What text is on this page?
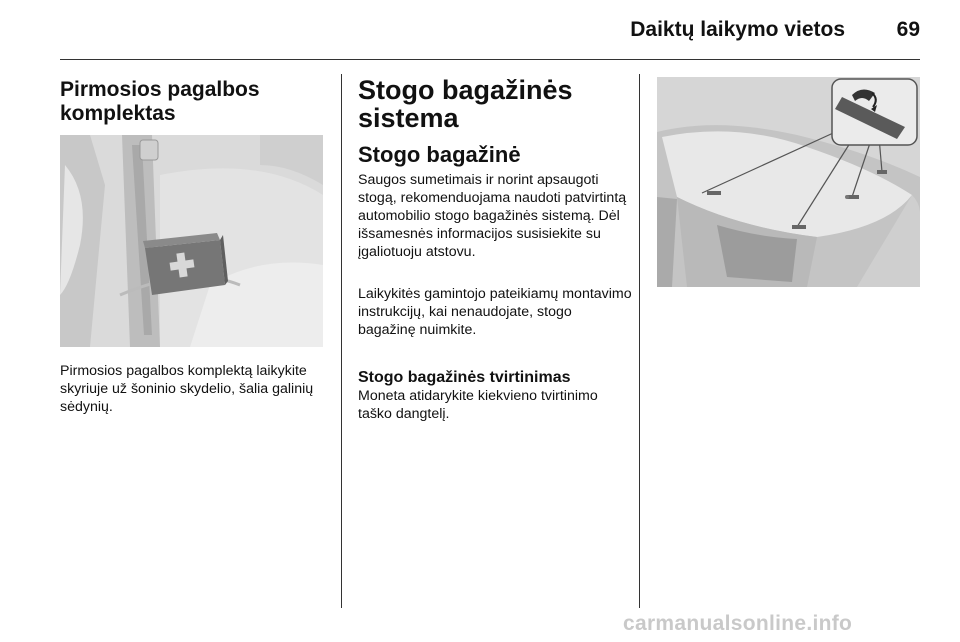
Daiktų laikymo vietos	69
Pirmosios pagalbos komplektas

Pirmosios pagalbos komplektą laikykite skyriuje už šoninio skydelio, šalia galinių sėdynių.

Stogo bagažinės sistema
Stogo bagažinė

Saugos sumetimais ir norint apsaugoti stogą, rekomenduojama naudoti patvirtintą automobilio stogo bagažinės sistemą. Dėl išsamesnės informacijos susisiekite su įgaliotuoju atstovu.

Laikykitės gamintojo pateikiamų montavimo instrukcijų, kai nenaudojate, stogo bagažinę nuimkite.

Stogo bagažinės tvirtinimas

Moneta atidarykite kiekvieno tvirtinimo taško dangtelį.

carmanualsonline.info
